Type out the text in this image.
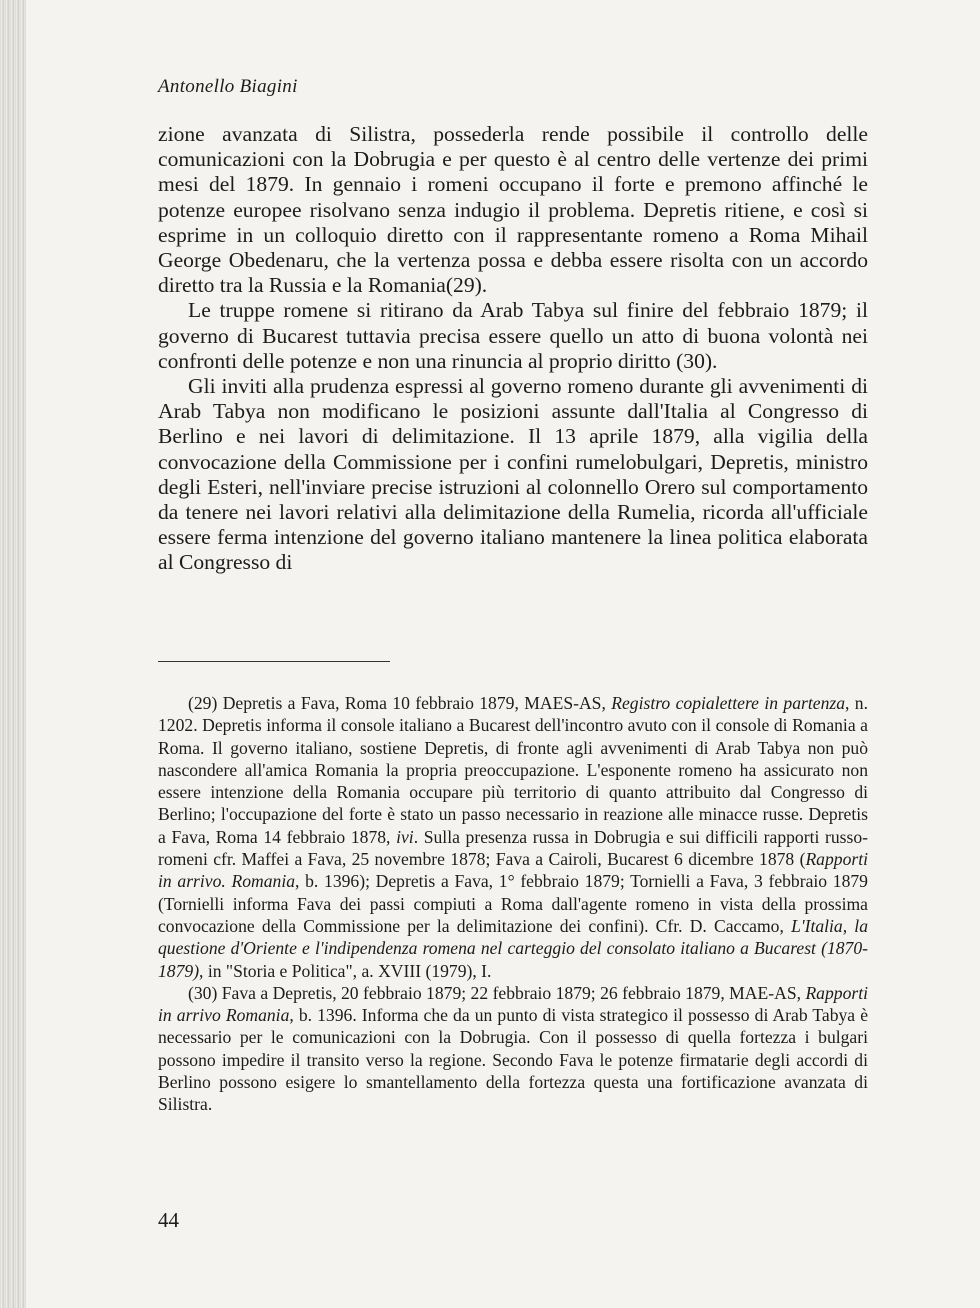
Antonello Biagini

zione avanzata di Silistra, possederla rende possibile il controllo delle comunicazioni con la Dobrugia e per questo è al centro delle vertenze dei primi mesi del 1879. In gennaio i romeni occupano il forte e premono affinché le potenze europee risolvano senza indugio il problema. Depretis ritiene, e così si esprime in un colloquio diretto con il rappresentante romeno a Roma Mihail George Obedenaru, che la vertenza possa e debba essere risolta con un accordo diretto tra la Russia e la Romania(29).

Le truppe romene si ritirano da Arab Tabya sul finire del febbraio 1879; il governo di Bucarest tuttavia precisa essere quello un atto di buona volontà nei confronti delle potenze e non una rinuncia al proprio diritto (30).

Gli inviti alla prudenza espressi al governo romeno durante gli avvenimenti di Arab Tabya non modificano le posizioni assunte dall'Italia al Congresso di Berlino e nei lavori di delimitazione. Il 13 aprile 1879, alla vigilia della convocazione della Commissione per i confini rumelobulgari, Depretis, ministro degli Esteri, nell'inviare precise istruzioni al colonnello Orero sul comportamento da tenere nei lavori relativi alla delimitazione della Rumelia, ricorda all'ufficiale essere ferma intenzione del governo italiano mantenere la linea politica elaborata al Congresso di

(29) Depretis a Fava, Roma 10 febbraio 1879, MAES-AS, Registro copialettere in partenza, n. 1202. Depretis informa il console italiano a Bucarest dell'incontro avuto con il console di Romania a Roma. Il governo italiano, sostiene Depretis, di fronte agli avvenimenti di Arab Tabya non può nascondere all'amica Romania la propria preoccupazione. L'esponente romeno ha assicurato non essere intenzione della Romania occupare più territorio di quanto attribuito dal Congresso di Berlino; l'occupazione del forte è stato un passo necessario in reazione alle minacce russe. Depretis a Fava, Roma 14 febbraio 1878, ivi. Sulla presenza russa in Dobrugia e sui difficili rapporti russo-romeni cfr. Maffei a Fava, 25 novembre 1878; Fava a Cairoli, Bucarest 6 dicembre 1878 (Rapporti in arrivo. Romania, b. 1396); Depretis a Fava, 1° febbraio 1879; Tornielli a Fava, 3 febbraio 1879 (Tornielli informa Fava dei passi compiuti a Roma dall'agente romeno in vista della prossima convocazione della Commissione per la delimitazione dei confini). Cfr. D. Caccamo, L'Italia, la questione d'Oriente e l'indipendenza romena nel carteggio del consolato italiano a Bucarest (1870-1879), in "Storia e Politica", a. XVIII (1979), I.

(30) Fava a Depretis, 20 febbraio 1879; 22 febbraio 1879; 26 febbraio 1879, MAE-AS, Rapporti in arrivo Romania, b. 1396. Informa che da un punto di vista strategico il possesso di Arab Tabya è necessario per le comunicazioni con la Dobrugia. Con il possesso di quella fortezza i bulgari possono impedire il transito verso la regione. Secondo Fava le potenze firmatarie degli accordi di Berlino possono esigere lo smantellamento della fortezza questa una fortificazione avanzata di Silistra.

44
